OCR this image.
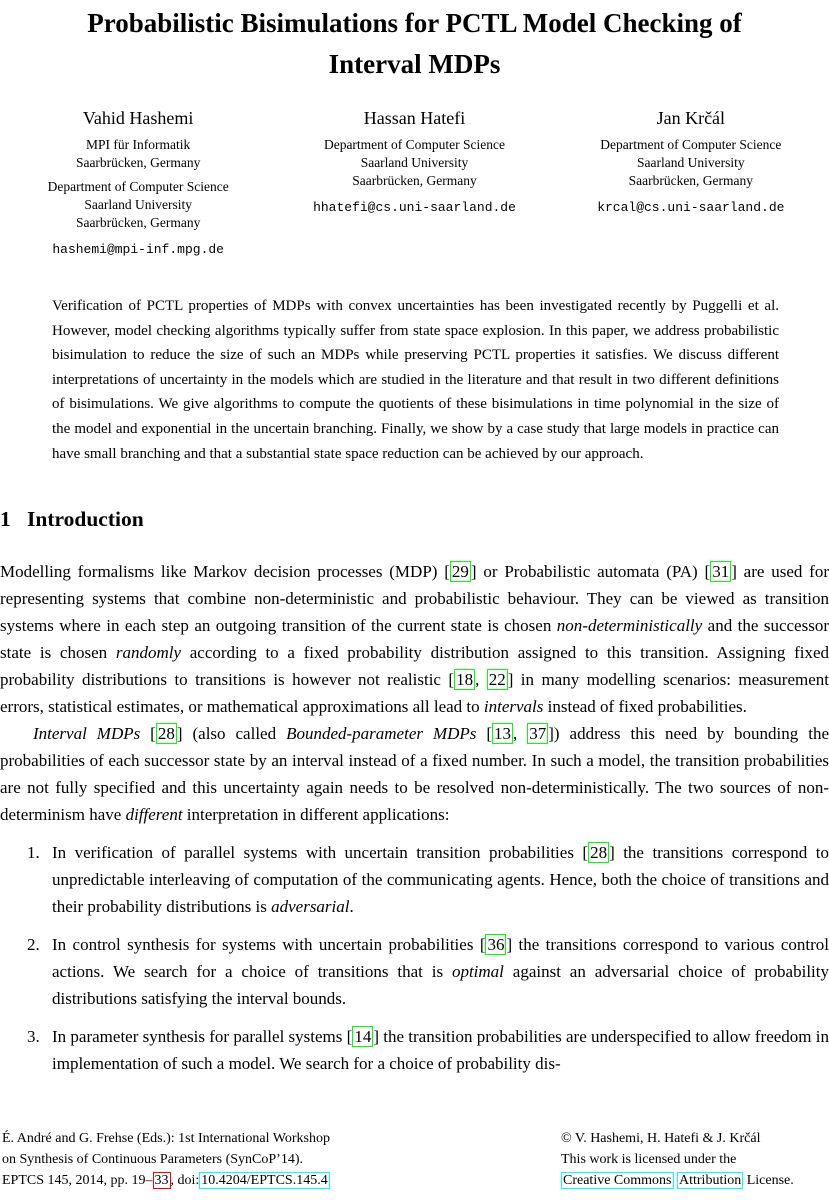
Probabilistic Bisimulations for PCTL Model Checking of
Interval MDPs
Vahid Hashemi
MPI für Informatik
Saarbrücken, Germany
Department of Computer Science
Saarland University
Saarbrücken, Germany
hashemi@mpi-inf.mpg.de
Hassan Hatefi
Department of Computer Science
Saarland University
Saarbrücken, Germany
hhatefi@cs.uni-saarland.de
Jan Krčál
Department of Computer Science
Saarland University
Saarbrücken, Germany
krcal@cs.uni-saarland.de

Verification of PCTL properties of MDPs with convex uncertainties has been investigated recently by Puggelli et al. However, model checking algorithms typically suffer from state space explosion. In this paper, we address probabilistic bisimulation to reduce the size of such an MDPs while preserving PCTL properties it satisfies. We discuss different interpretations of uncertainty in the models which are studied in the literature and that result in two different definitions of bisimulations. We give algorithms to compute the quotients of these bisimulations in time polynomial in the size of the model and exponential in the uncertain branching. Finally, we show by a case study that large models in practice can have small branching and that a substantial state space reduction can be achieved by our approach.

1 Introduction

Modelling formalisms like Markov decision processes (MDP) [ 29 ] or Probabilistic automata (PA) [ 31 ] are used for representing systems that combine non-deterministic and probabilistic behaviour. They can be viewed as transition systems where in each step an outgoing transition of the current state is chosen non-deterministically and the successor state is chosen randomly according to a fixed probability distribution assigned to this transition. Assigning fixed probability distributions to transitions is however not realistic [ 18 , 22 ] in many modelling scenarios: measurement errors, statistical estimates, or mathematical approximations all lead to intervals instead of fixed probabilities.

Interval MDPs [ 28 ] (also called Bounded-parameter MDPs [ 13 , 37 ]) address this need by bounding the probabilities of each successor state by an interval instead of a fixed number. In such a model, the transition probabilities are not fully specified and this uncertainty again needs to be resolved non-deterministically. The two sources of non-determinism have different interpretation in different applications:

1. In verification of parallel systems with uncertain transition probabilities [ 28 ] the transitions correspond to unpredictable interleaving of computation of the communicating agents. Hence, both the choice of transitions and their probability distributions is adversarial.
2. In control synthesis for systems with uncertain probabilities [ 36 ] the transitions correspond to various control actions. We search for a choice of transitions that is optimal against an adversarial choice of probability distributions satisfying the interval bounds.
3. In parameter synthesis for parallel systems [ 14 ] the transition probabilities are underspecified to allow freedom in implementation of such a model. We search for a choice of probability dis-
É. André and G. Frehse (Eds.): 1st International Workshop
on Synthesis of Continuous Parameters (SynCoP’14).
EPTCS 145, 2014, pp. 19– 33 , doi: 10.4204/EPTCS.145.4
© V. Hashemi, H. Hatefi & J. Krčál
This work is licensed under the
Creative Commons Attribution License.
